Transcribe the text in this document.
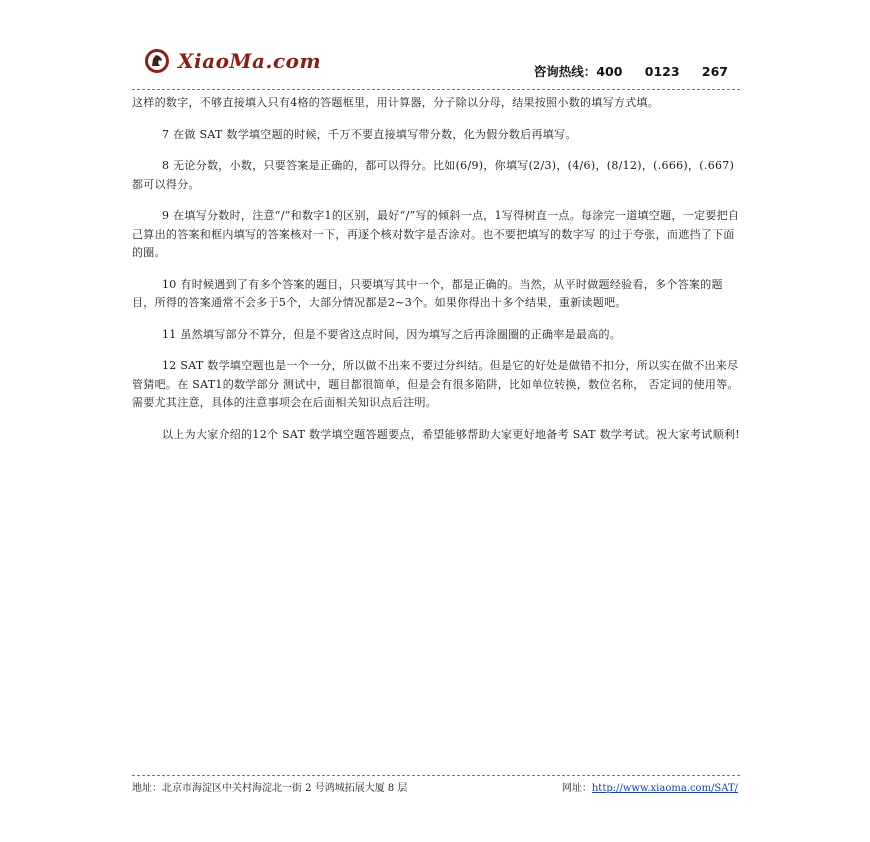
XiaoMa.com	咨询热线：400 0123 267

这样的数字，不够直接填入只有4格的答题框里，用计算器，分子除以分母，结果按照小数的填写方式填。

7 在做 SAT 数学填空题的时候，千万不要直接填写带分数，化为假分数后再填写。

8 无论分数，小数，只要答案是正确的，都可以得分。比如(6/9)，你填写(2/3)，(4/6)，(8/12)，(.666)，(.667)都可以得分。

9 在填写分数时，注意“/”和数字1的区别，最好“/”写的倾斜一点，1写得树直一点。每涂完一道填空题，一定要把自己算出的答案和框内填写的答案核对一下，再逐个核对数字是否涂对。也不要把填写的数字写 的过于夸张，而遮挡了下面的圈。

10 有时候遇到了有多个答案的题目，只要填写其中一个，都是正确的。当然，从平时做题经验看，多个答案的题目，所得的答案通常不会多于5个，大部分情况都是2~3个。如果你得出十多个结果，重新读题吧。

11 虽然填写部分不算分，但是不要省这点时间，因为填写之后再涂圈圈的正确率是最高的。

12 SAT 数学填空题也是一个一分，所以做不出来不要过分纠结。但是它的好处是做错不扣分，所以实在做不出来尽管猜吧。在 SAT1的数学部分 测试中，题目都很简单，但是会有很多陷阱，比如单位转换，数位名称， 否定词的使用等。需要尤其注意，具体的注意事项会在后面相关知识点后注明。

以上为大家介绍的12个 SAT 数学填空题答题要点，希望能够帮助大家更好地备考 SAT 数学考试。祝大家考试顺利!

地址：北京市海淀区中关村海淀北一街 2 号鸿城拓展大厦 8 层	网址：http://www.xiaoma.com/SAT/
